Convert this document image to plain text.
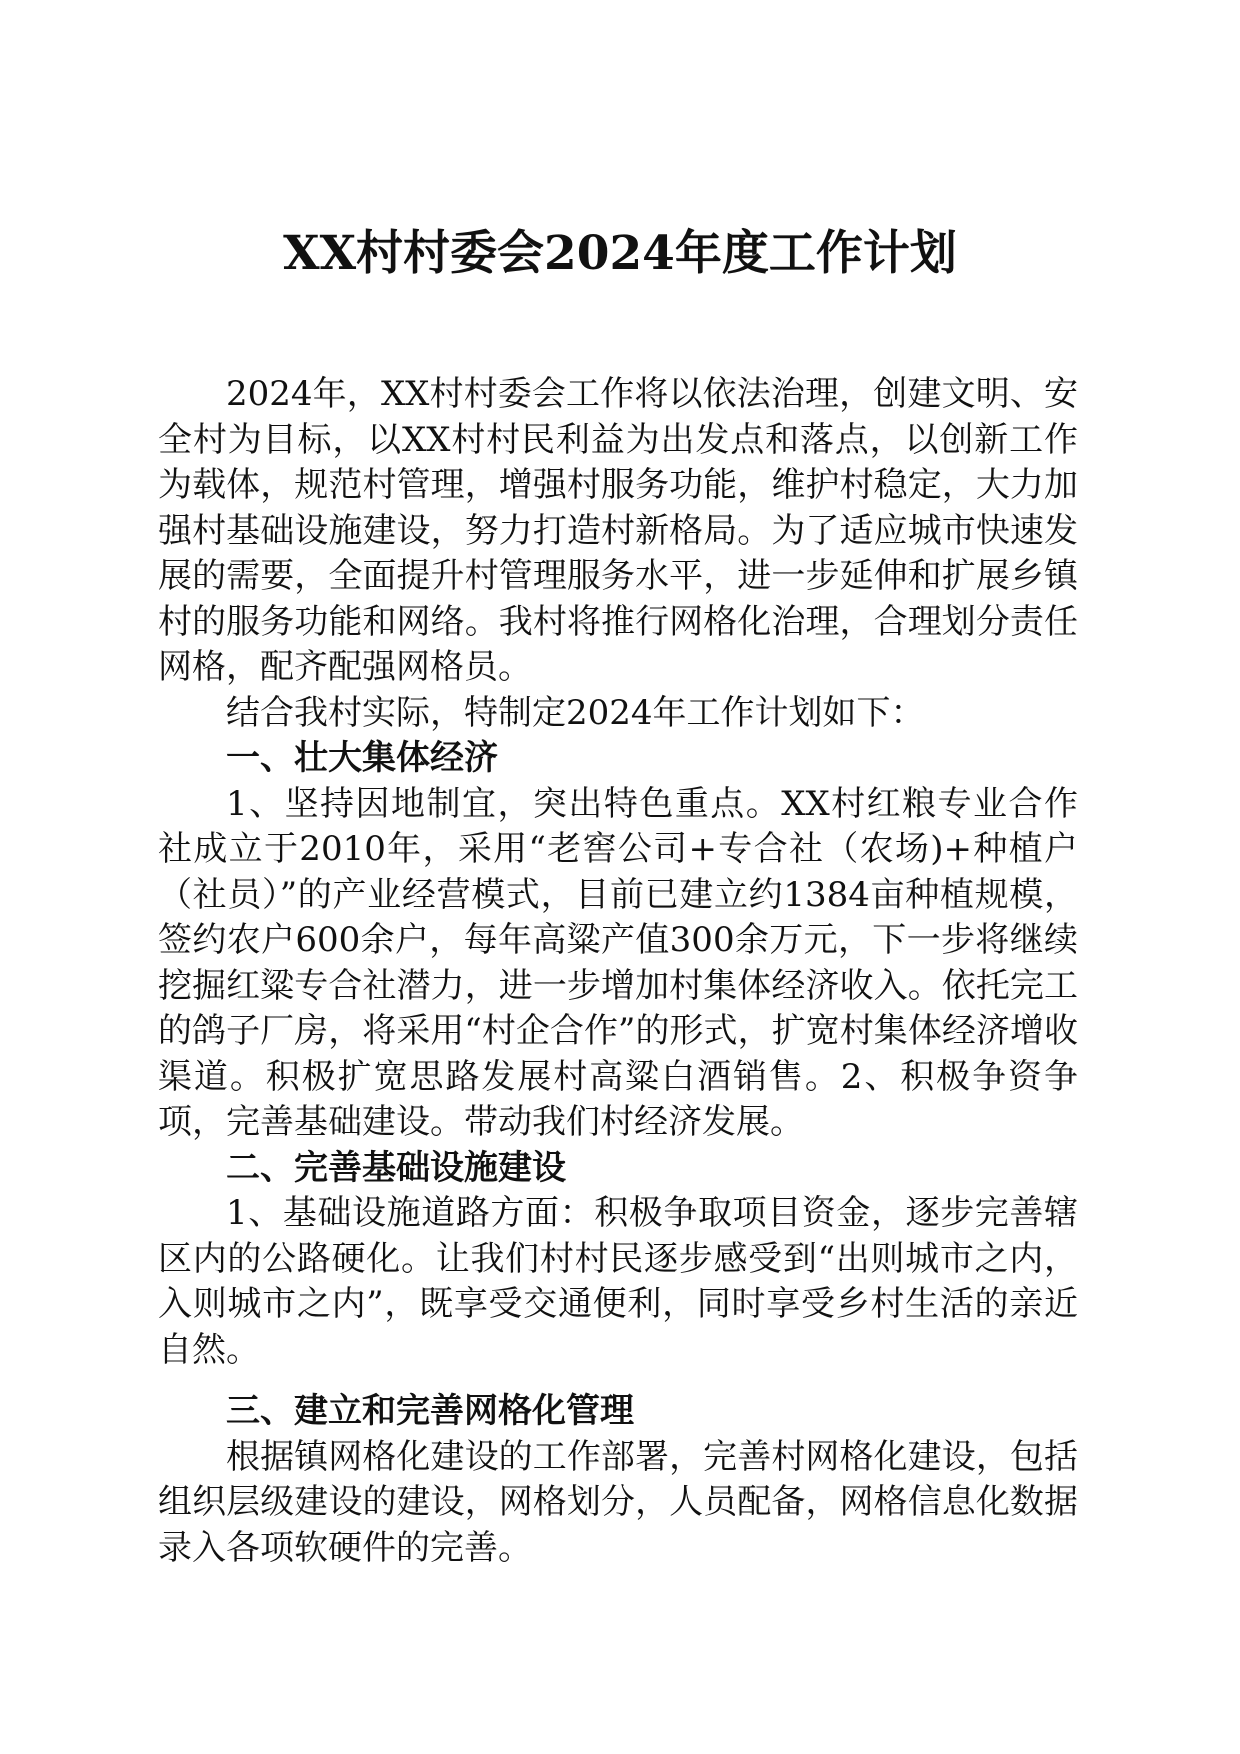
XX村村委会2024年度工作计划

2024年，XX村村委会工作将以依法治理，创建文明、安全村为目标，以XX村村民利益为出发点和落点，以创新工作为载体，规范村管理，增强村服务功能，维护村稳定，大力加强村基础设施建设，努力打造村新格局。为了适应城市快速发展的需要，全面提升村管理服务水平，进一步延伸和扩展乡镇村的服务功能和网络。我村将推行网格化治理，合理划分责任网格，配齐配强网格员。

结合我村实际，特制定2024年工作计划如下：

一、壮大集体经济

1、坚持因地制宜，突出特色重点。XX村红粮专业合作社成立于2010年，采用“老窖公司+专合社（农场)+种植户（社员）”的产业经营模式，目前已建立约1384亩种植规模，签约农户600余户，每年高粱产值300余万元，下一步将继续挖掘红粱专合社潜力，进一步增加村集体经济收入。依托完工的鸽子厂房，将采用“村企合作”的形式，扩宽村集体经济增收渠道。积极扩宽思路发展村高粱白酒销售。2、积极争资争项，完善基础建设。带动我们村经济发展。

二、完善基础设施建设

1、基础设施道路方面：积极争取项目资金，逐步完善辖区内的公路硬化。让我们村村民逐步感受到“出则城市之内，入则城市之内”，既享受交通便利，同时享受乡村生活的亲近自然。

三、建立和完善网格化管理

根据镇网格化建设的工作部署，完善村网格化建设，包括组织层级建设的建设，网格划分，人员配备，网格信息化数据录入各项软硬件的完善。
